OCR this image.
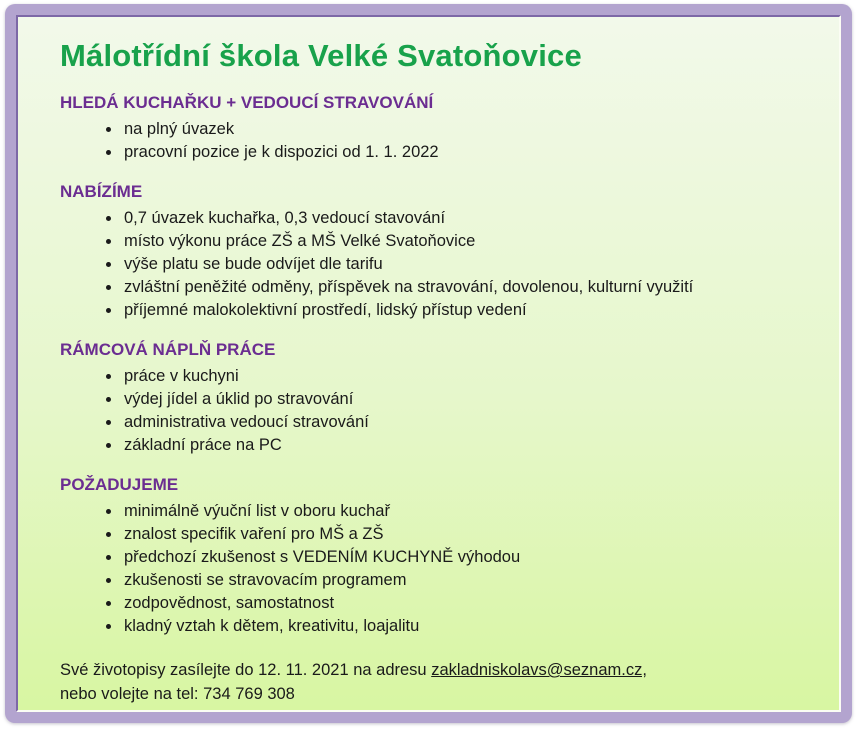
Málotřídní škola Velké Svatoňovice
HLEDÁ KUCHAŘKU + VEDOUCÍ STRAVOVÁNÍ
• na plný úvazek
• pracovní pozice je k dispozici od 1. 1. 2022
NABÍZÍME
• 0,7 úvazek kuchařka, 0,3 vedoucí stavování
• místo výkonu práce ZŠ a MŠ Velké Svatoňovice
• výše platu se bude odvíjet dle tarifu
• zvláštní peněžité odměny, příspěvek na stravování, dovolenou, kulturní využití
• příjemné malokolektivní prostředí, lidský přístup vedení
RÁMCOVÁ NÁPLŇ PRÁCE
• práce v kuchyni
• výdej jídel a úklid po stravování
• administrativa vedoucí stravování
• základní práce na PC
POŽADUJEME
• minimálně výuční list v oboru kuchař
• znalost specifik vaření pro MŠ a ZŠ
• předchozí zkušenost s VEDENÍM KUCHYNĚ výhodou
• zkušenosti se stravovacím programem
• zodpovědnost, samostatnost
• kladný vztah k dětem, kreativitu, loajalitu

Své životopisy zasílejte do 12. 11. 2021 na adresu zakladniskolavs@seznam.cz,
nebo volejte na tel: 734 769 308
